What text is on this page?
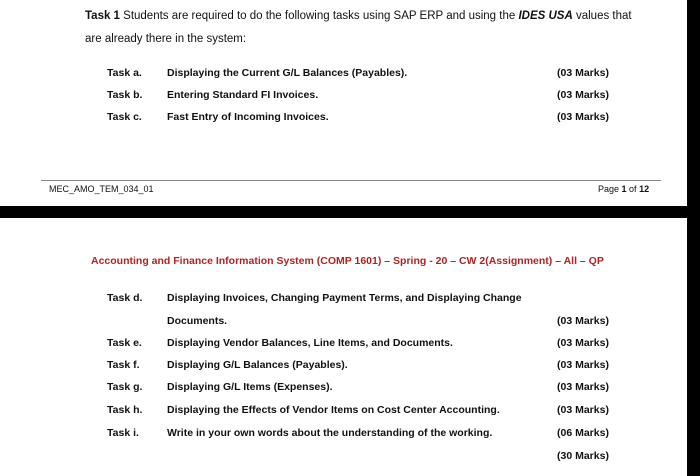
Task 1 Students are required to do the following tasks using SAP ERP and using the IDES USA values that
are already there in the system:
Task a. Displaying the Current G/L Balances (Payables).	(03 Marks)
Task b. Entering Standard FI Invoices.	(03 Marks)
Task c. Fast Entry of Incoming Invoices.	(03 Marks)
MEC_AMO_TEM_034_01	Page 1 of 12
Accounting and Finance Information System (COMP 1601) – Spring - 20 – CW 2(Assignment) – All – QP
Task d. Displaying Invoices, Changing Payment Terms, and Displaying Change
Documents.	(03 Marks)
Task e. Displaying Vendor Balances, Line Items, and Documents.	(03 Marks)
Task f.	Displaying G/L Balances (Payables).	(03 Marks)
Task g. Displaying G/L Items (Expenses).	(03 Marks)
Task h. Displaying the Effects of Vendor Items on Cost Center Accounting.	(03 Marks)
Task i.	Write in your own words about the understanding of the working.	(06 Marks)
(30 Marks)
